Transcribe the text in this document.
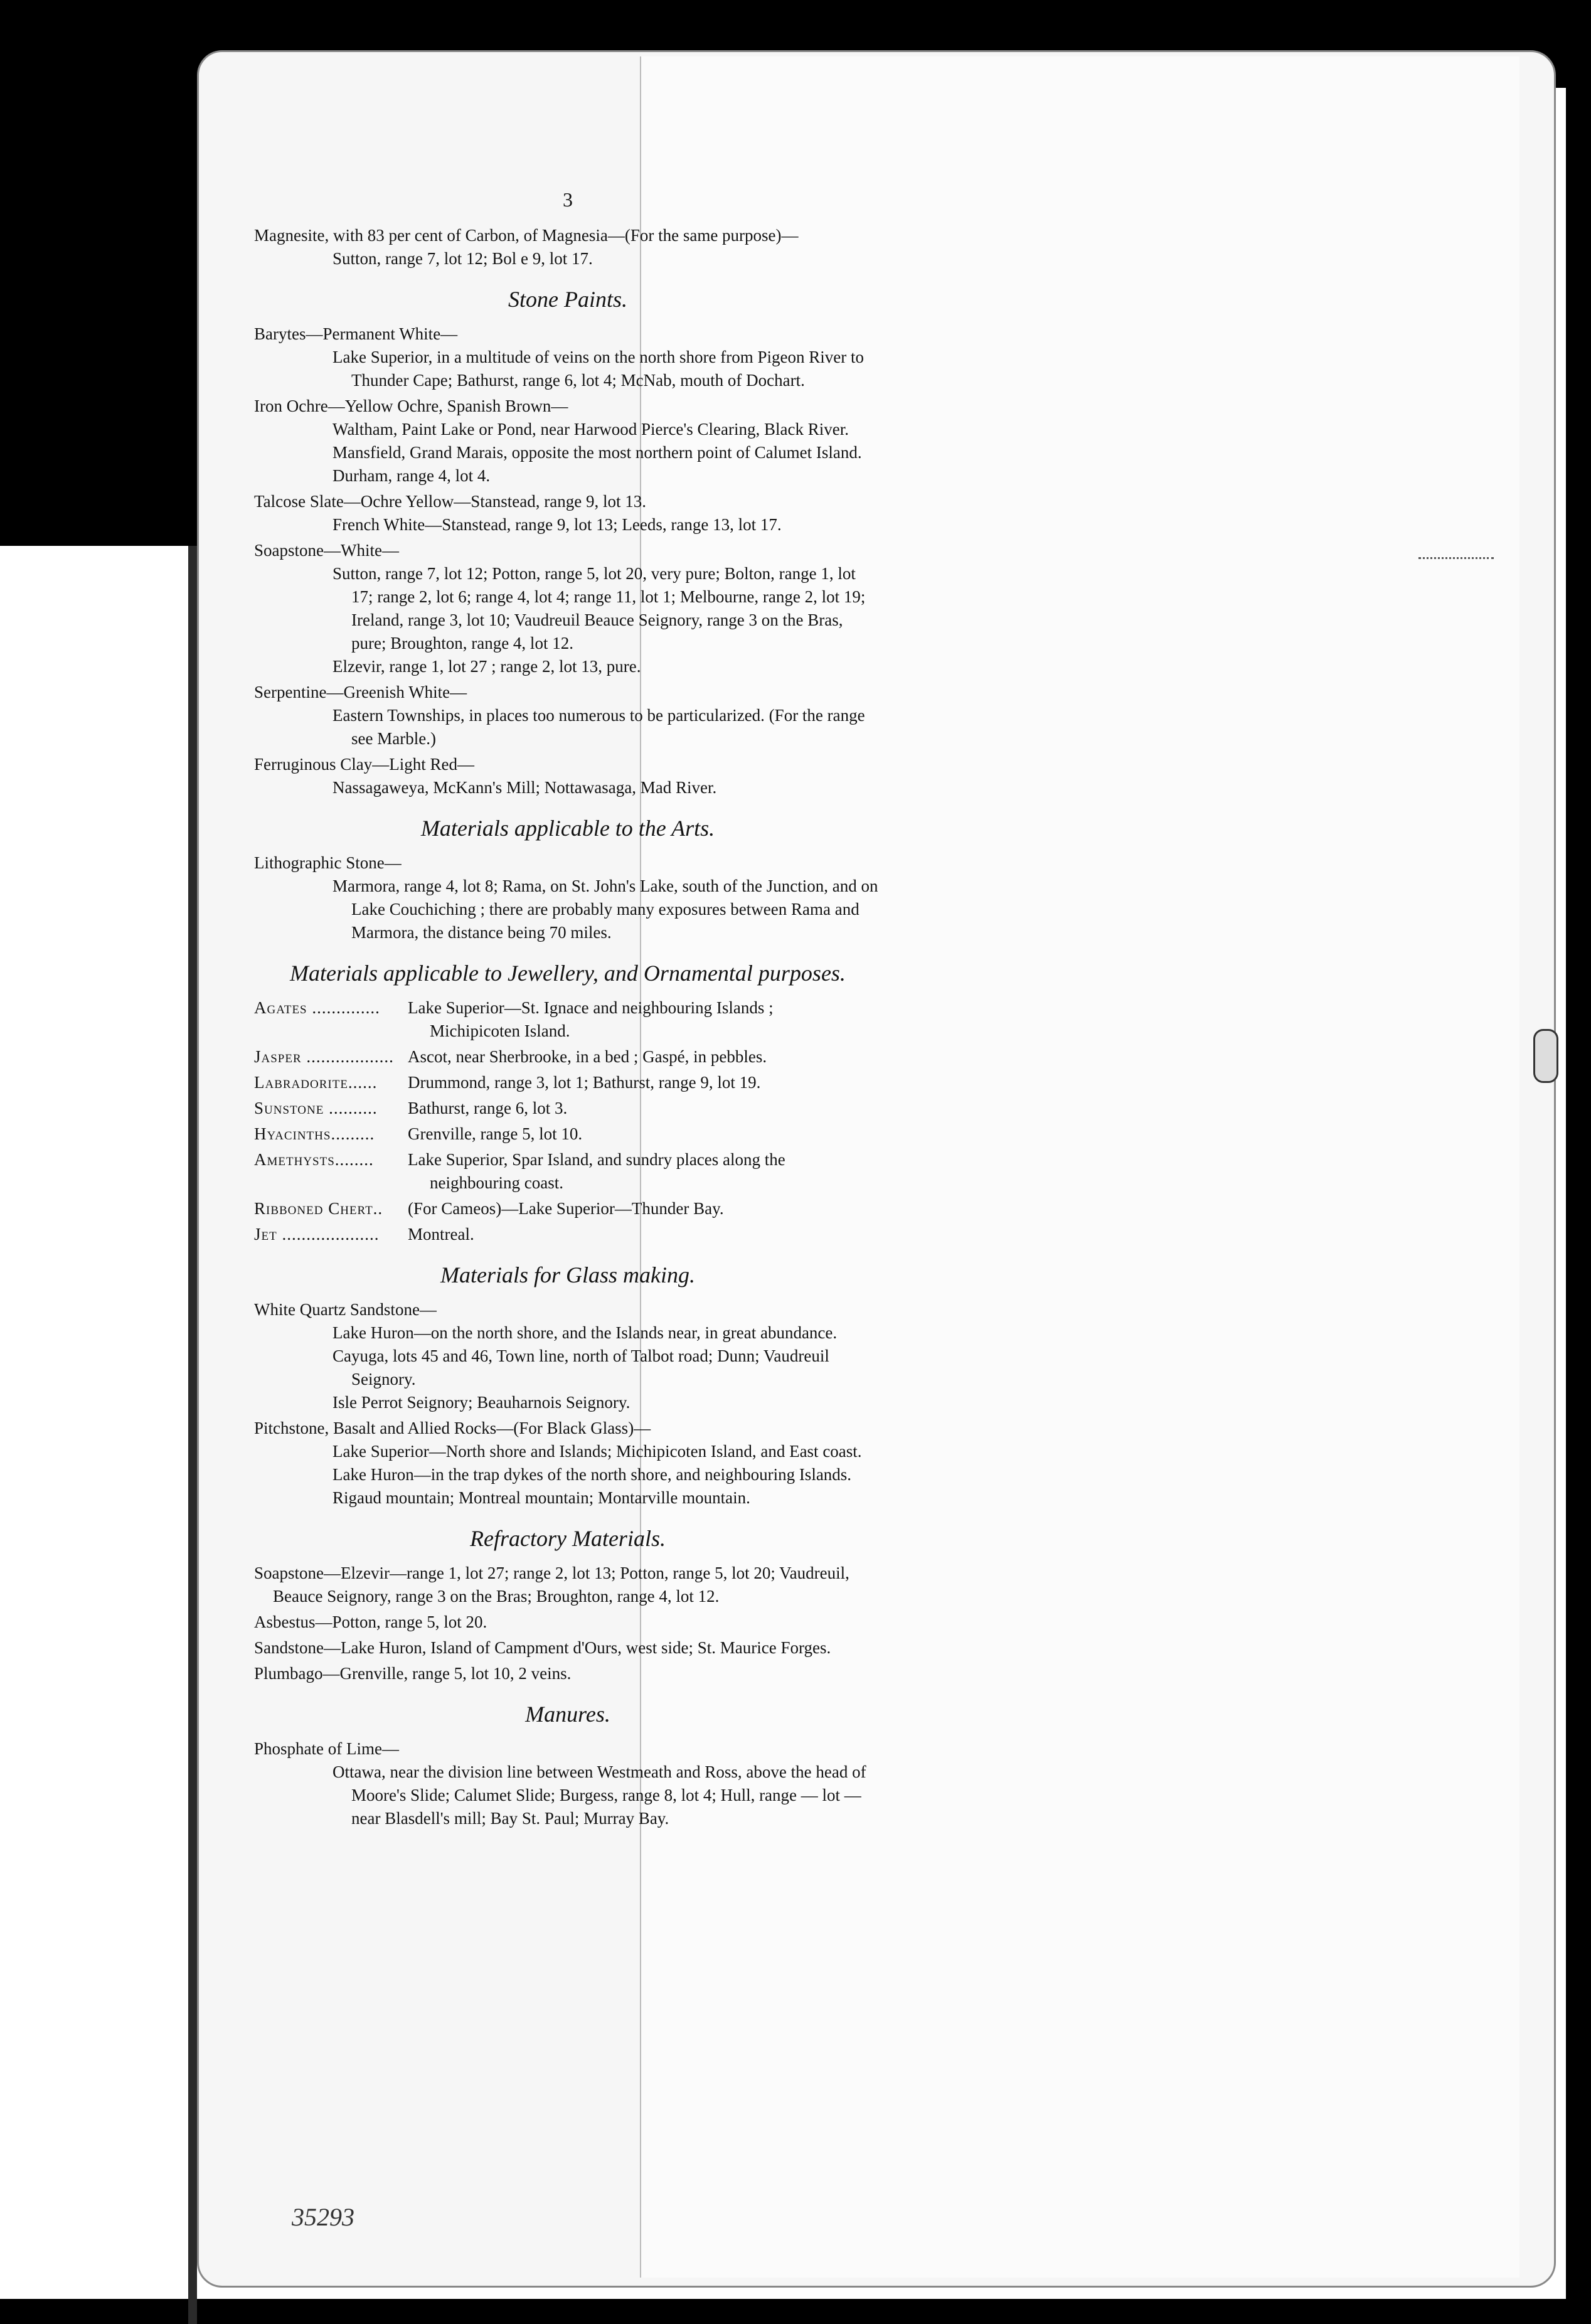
3
Magnesite, with 83 per cent of Carbon, of Magnesia—(For the same purpose)—
Sutton, range 7, lot 12; Bol e 9, lot 17.
Stone Paints.
Barytes—Permanent White—
Lake Superior, in a multitude of veins on the north shore from Pigeon River to Thunder Cape; Bathurst, range 6, lot 4; McNab, mouth of Dochart.
Iron Ochre—Yellow Ochre, Spanish Brown—
Waltham, Paint Lake or Pond, near Harwood Pierce's Clearing, Black River.
Mansfield, Grand Marais, opposite the most northern point of Calumet Island.
Durham, range 4, lot 4.
Talcose Slate—Ochre Yellow—Stanstead, range 9, lot 13.
French White—Stanstead, range 9, lot 13; Leeds, range 13, lot 17.
Soapstone—White—
Sutton, range 7, lot 12; Potton, range 5, lot 20, very pure; Bolton, range 1, lot 17; range 2, lot 6; range 4, lot 4; range 11, lot 1; Melbourne, range 2, lot 19; Ireland, range 3, lot 10; Vaudreuil Beauce Seignory, range 3 on the Bras, pure; Broughton, range 4, lot 12.
Elzevir, range 1, lot 27 ; range 2, lot 13, pure.
Serpentine—Greenish White—
Eastern Townships, in places too numerous to be particularized. (For the range see Marble.)
Ferruginous Clay—Light Red—
Nassagaweya, McKann's Mill; Nottawasaga, Mad River.
Materials applicable to the Arts.
Lithographic Stone—
Marmora, range 4, lot 8; Rama, on St. John's Lake, south of the Junction, and on Lake Couchiching ; there are probably many exposures between Rama and Marmora, the distance being 70 miles.
Materials applicable to Jewellery, and Ornamental purposes.
Agates .............. Lake Superior—St. Ignace and neighbouring Islands ;
Michipicoten Island.
Jasper .................. Ascot, near Sherbrooke, in a bed ; Gaspé, in pebbles.
Labradorite...... Drummond, range 3, lot 1; Bathurst, range 9, lot 19.
Sunstone .......... Bathurst, range 6, lot 3.
Hyacinths......... Grenville, range 5, lot 10.
Amethysts........ Lake Superior, Spar Island, and sundry places along the
neighbouring coast.
Ribboned Chert.. (For Cameos)—Lake Superior—Thunder Bay.
Jet .................... Montreal.
Materials for Glass making.
White Quartz Sandstone—
Lake Huron—on the north shore, and the Islands near, in great abundance.
Cayuga, lots 45 and 46, Town line, north of Talbot road; Dunn; Vaudreuil Seignory.
Isle Perrot Seignory; Beauharnois Seignory.
Pitchstone, Basalt and Allied Rocks—(For Black Glass)—
Lake Superior—North shore and Islands; Michipicoten Island, and East coast.
Lake Huron—in the trap dykes of the north shore, and neighbouring Islands.
Rigaud mountain; Montreal mountain; Montarville mountain.
Refractory Materials.
Soapstone—Elzevir—range 1, lot 27; range 2, lot 13; Potton, range 5, lot 20; Vaudreuil, Beauce Seignory, range 3 on the Bras; Broughton, range 4, lot 12.
Asbestus—Potton, range 5, lot 20.
Sandstone—Lake Huron, Island of Campment d'Ours, west side; St. Maurice Forges.
Plumbago—Grenville, range 5, lot 10, 2 veins.
Manures.
Phosphate of Lime—
Ottawa, near the division line between Westmeath and Ross, above the head of Moore's Slide; Calumet Slide; Burgess, range 8, lot 4; Hull, range — lot — near Blasdell's mill; Bay St. Paul; Murray Bay.
35293
